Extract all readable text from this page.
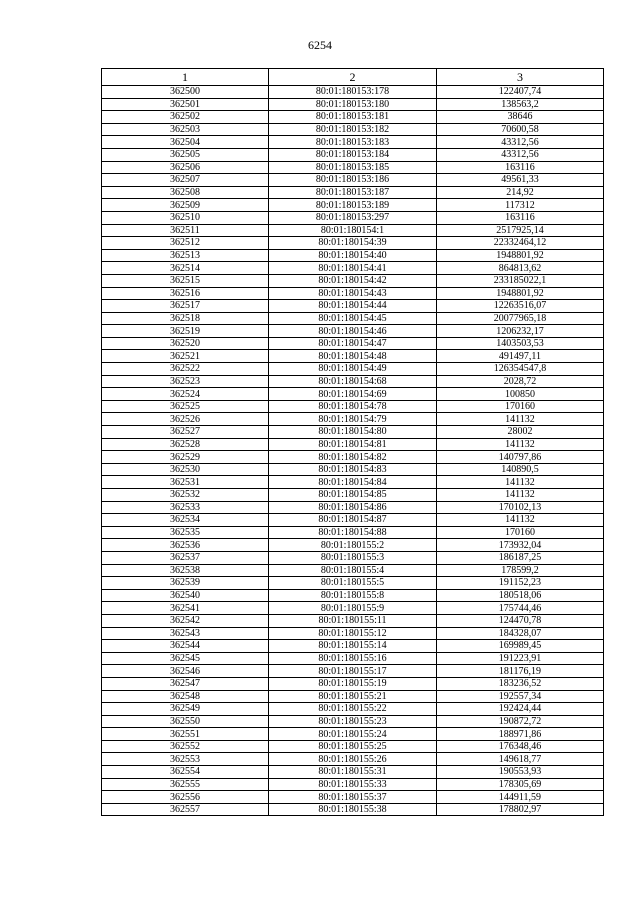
6254
1	2	3
362500	80:01:180153:178	122407,74
362501	80:01:180153:180	138563,2
362502	80:01:180153:181	38646
362503	80:01:180153:182	70600,58
362504	80:01:180153:183	43312,56
362505	80:01:180153:184	43312,56
362506	80:01:180153:185	163116
362507	80:01:180153:186	49561,33
362508	80:01:180153:187	214,92
362509	80:01:180153:189	117312
362510	80:01:180153:297	163116
362511	80:01:180154:1	2517925,14
362512	80:01:180154:39	22332464,12
362513	80:01:180154:40	1948801,92
362514	80:01:180154:41	864813,62
362515	80:01:180154:42	233185022,1
362516	80:01:180154:43	1948801,92
362517	80:01:180154:44	12263516,07
362518	80:01:180154:45	20077965,18
362519	80:01:180154:46	1206232,17
362520	80:01:180154:47	1403503,53
362521	80:01:180154:48	491497,11
362522	80:01:180154:49	126354547,8
362523	80:01:180154:68	2028,72
362524	80:01:180154:69	100850
362525	80:01:180154:78	170160
362526	80:01:180154:79	141132
362527	80:01:180154:80	28002
362528	80:01:180154:81	141132
362529	80:01:180154:82	140797,86
362530	80:01:180154:83	140890,5
362531	80:01:180154:84	141132
362532	80:01:180154:85	141132
362533	80:01:180154:86	170102,13
362534	80:01:180154:87	141132
362535	80:01:180154:88	170160
362536	80:01:180155:2	173932,04
362537	80:01:180155:3	186187,25
362538	80:01:180155:4	178599,2
362539	80:01:180155:5	191152,23
362540	80:01:180155:8	180518,06
362541	80:01:180155:9	175744,46
362542	80:01:180155:11	124470,78
362543	80:01:180155:12	184328,07
362544	80:01:180155:14	169989,45
362545	80:01:180155:16	191223,91
362546	80:01:180155:17	181176,19
362547	80:01:180155:19	183236,52
362548	80:01:180155:21	192557,34
362549	80:01:180155:22	192424,44
362550	80:01:180155:23	190872,72
362551	80:01:180155:24	188971,86
362552	80:01:180155:25	176348,46
362553	80:01:180155:26	149618,77
362554	80:01:180155:31	190553,93
362555	80:01:180155:33	178305,69
362556	80:01:180155:37	144911,59
362557	80:01:180155:38	178802,97
